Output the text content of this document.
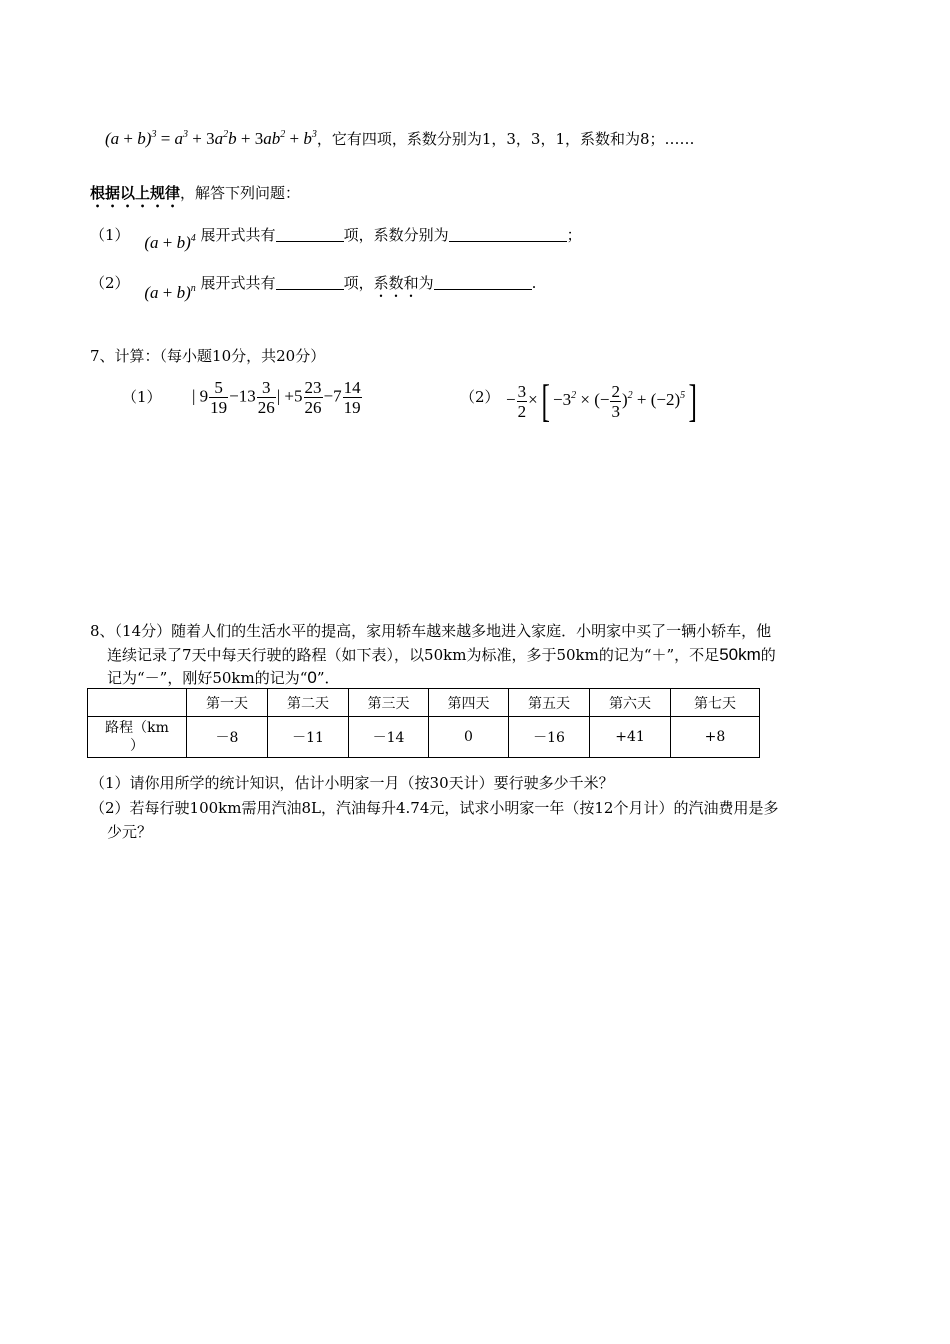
$(a + b)^3 = a^3 + 3a^2b + 3ab^2 + b^3$，它有四项，系数分别为1，3，3，1，系数和为8；……
根据以上规律，解答下列问题：
（1） $(a + b)^4$ 展开式共有	项，系数分别为	；
（2） $(a + b)^n$ 展开式共有	项，系数和为	.
7、计算：（每小题10分，共20分）
（1） | $9 \frac{5}{19} -13 \frac{3}{26}$ | $+5 \frac{23}{26} -7 \frac{14}{19}$	$(2) - \frac{3}{2}$ ×[ $-3^2$ × (− $\frac{2}{3} )^2 + (-2)^5$]
8、（14分）随着人们的生活水平的提高，家用轿车越来越多地进入家庭．小明家中买了一辆小轿车，他
连续记录了7天中每天行驶的路程（如下表），以50km为标准，多于50km的记为“＋”，不足50km的
记为“－”，刚好50km的记为“0”．
	第一天	第二天	第三天	第四天	第五天	第六天	第七天

路程（km
）	－8	－11	－14	0	－16	+41	+8
（1）请你用所学的统计知识，估计小明家一月（按30天计）要行驶多少千米？
（2）若每行驶100km需用汽油8L，汽油每升4.74元，试求小明家一年（按12个月计）的汽油费用是多
少元？
